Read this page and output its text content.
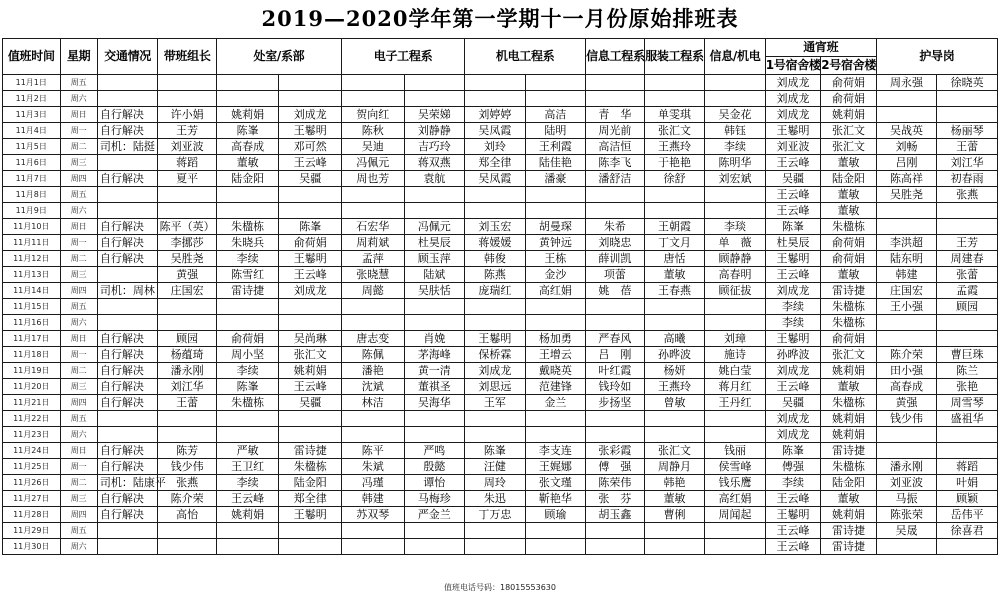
2019—2020学年第一学期十一月份原始排班表
值班时间	星期	交通情况	带班组长	处室/系部		电子工程系		机电工程系		信息工程系	服装工程系	信息/机电	通宵班		护导岗	
													1号宿舍楼	2号宿舍楼		
11月1日	周五												刘成龙	俞荷娟	周永强	徐晓英
11月2日	周六												刘成龙	俞荷娟		
11月3日	周日	自行解决	许小娟	姚莉娟	刘成龙	贺向红	吴荣娣	刘婷婷	高洁	青　华	单雯琪	吴金花	刘成龙	姚莉娟		
11月4日	周一	自行解决	王芳	陈峯	王鬈明	陈秋	刘静静	吴凤霞	陆明	周光前	张汇文	韩钰	王鬈明	张汇文	吴战英	杨丽琴
11月5日	周二	司机：陆挺	刘亚波	高春成	邓可然	吴迪	吉巧玲	刘玲	王利霞	高洁恒	王燕玲	李续	刘亚波	张汇文	刘畅	王蕾
11月6日	周三		蒋蹈	董敏	王云峰	冯佩元	蒋双燕	郑全律	陆佳艳	陈李飞	于艳艳	陈明华	王云峰	董敏	吕刚	刘江华
11月7日	周四	自行解决	夏平	陆金阳	吴疆	周也芳	袁航	吴凤霞	潘豪	潘舒洁	徐舒	刘宏斌	吴疆	陆金阳	陈高祥	初春雨
11月8日	周五												王云峰	董敏	吴胜尧	张燕
11月9日	周六												王云峰	董敏		
11月10日	周日	自行解决	陈平（英）	朱楹栋	陈峯	石宏华	冯佩元	刘玉宏	胡曼琛	朱希	王朝霞	李琰	陈峯	朱楹栋		
11月11日	周一	自行解决	李挪莎	朱晓兵	俞荷娟	周莉斌	杜昊辰	蒋媛媛	黄钟远	刘晓忠	丁文月	单　薇	杜昊辰	俞荷娟	李洪超	王芳
11月12日	周二	自行解决	吴胜尧	李续	王鬈明	孟萍	顾玉萍	韩俊	王栋	薛训凯	唐恬	顾静静	王鬈明	俞荷娟	陆东明	周建春
11月13日	周三		黄强	陈雪红	王云峰	张晓慧	陆斌	陈燕	金沙	项蕾	董敏	高春明	王云峰	董敏	韩建	张蕾
11月14日	周四	司机：周林	庄国宏	雷诗捷	刘成龙	周懿	吴肤恬	庞瑞红	高红娟	姚　蓓	王春燕	顾征拔	刘成龙	雷诗捷	庄国宏	孟霞
11月15日	周五												李续	朱楹栋	王小强	顾园
11月16日	周六												李续	朱楹栋		
11月17日	周日	自行解决	顾园	俞荷娟	吴尚琳	唐志变	肖娩	王鬈明	杨加勇	严春风	高曦	刘璋	王鬈明	俞荷娟		
11月18日	周一	自行解决	杨蕴琦	周小坚	张汇文	陈佩	茅海峰	保桥霖	王增云	吕　刚	孙晔波	施诗	孙晔波	张汇文	陈介荣	曹巨珠
11月19日	周二	自行解决	潘永刚	李续	姚莉娟	潘艳	黄一清	刘成龙	戴晓英	叶红霞	杨妍	姚白莹	刘成龙	姚莉娟	田小强	陈兰
11月20日	周三	自行解决	刘江华	陈峯	王云峰	沈斌	董祺圣	刘思远	范建锋	钱玲如	王燕玲	蒋月红	王云峰	董敏	高春成	张艳
11月21日	周四	自行解决	王蕾	朱楹栋	吴疆	林洁	吴海华	王军	金兰	步扬坚	曾敏	王丹红	吴疆	朱楹栋	黄强	周雪琴
11月22日	周五												刘成龙	姚莉娟	钱少伟	盛祖华
11月23日	周六												刘成龙	姚莉娟		
11月24日	周日	自行解决	陈芳	严敏	雷诗捷	陈平	严鸣	陈峯	李支连	张彩霞	张汇文	钱丽	陈峯	雷诗捷		
11月25日	周一	自行解决	钱少伟	王卫红	朱楹栋	朱斌	殷懿	汪健	王娓娜	傅　强	周静月	侯雪峰	傅强	朱楹栋	潘永刚	蒋蹈
11月26日	周二	司机：陆康平	张燕	李续	陆金阳	冯瑾	谭怡	周玲	张文瑾	陈荣伟	韩艳	钱乐鹰	李续	陆金阳	刘亚波	叶娟
11月27日	周三	自行解决	陈介荣	王云峰	郑全律	韩建	马梅珍	朱迅	靳艳华	张　芬	董敏	高红娟	王云峰	董敏	马振	顾颖
11月28日	周四	自行解决	高怡	姚莉娟	王鬈明	苏双琴	严金兰	丁万忠	顾瑜	胡玉鑫	曹俐	周闻起	王鬈明	姚莉娟	陈张荣	岳伟平
11月29日	周五												王云峰	雷诗捷	吴晟	徐喜君
11月30日	周六												王云峰	雷诗捷		
值班电话号码：18015553630
